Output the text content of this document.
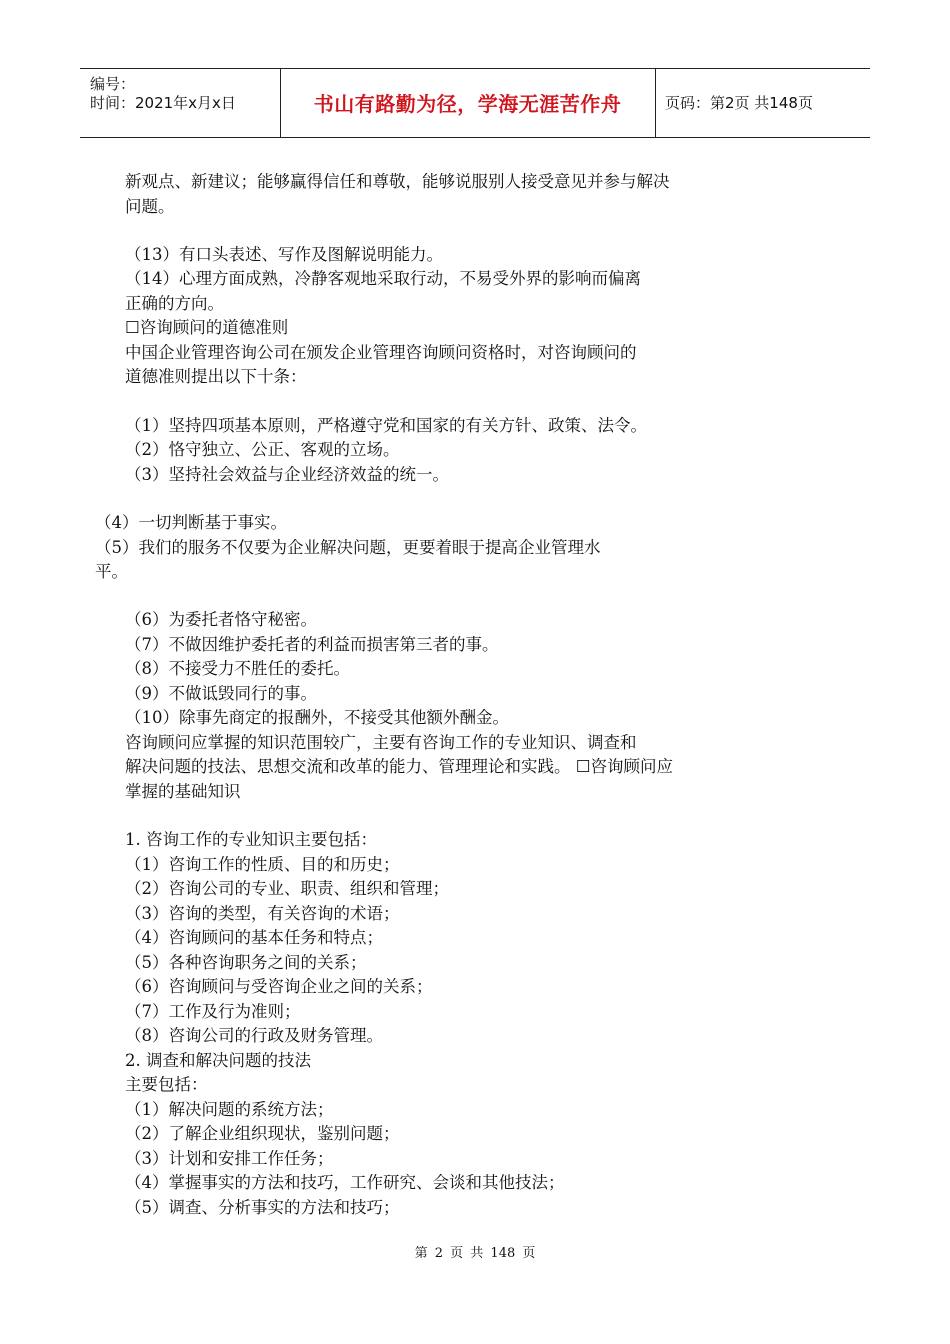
编号：
时间：2021年x月x日	书山有路勤为径，学海无涯苦作舟	页码：第2页 共148页
新观点、新建议；能够赢得信任和尊敬，能够说服别人接受意见并参与解决
问题。
（13）有口头表述、写作及图解说明能力。
（14）心理方面成熟，冷静客观地采取行动，不易受外界的影响而偏离
正确的方向。
☐咨询顾问的道德准则
中国企业管理咨询公司在颁发企业管理咨询顾问资格时，对咨询顾问的
道德准则提出以下十条：
（1）坚持四项基本原则，严格遵守党和国家的有关方针、政策、法令。
（2）恪守独立、公正、客观的立场。
（3）坚持社会效益与企业经济效益的统一。
（4）一切判断基于事实。
（5）我们的服务不仅要为企业解决问题，更要着眼于提高企业管理水
平。
（6）为委托者恪守秘密。
（7）不做因维护委托者的利益而损害第三者的事。
（8）不接受力不胜任的委托。
（9）不做诋毁同行的事。
（10）除事先商定的报酬外，不接受其他额外酬金。
咨询顾问应掌握的知识范围较广，主要有咨询工作的专业知识、调查和
解决问题的技法、思想交流和改革的能力、管理理论和实践。 ☐咨询顾问应
掌握的基础知识
1. 咨询工作的专业知识主要包括：
（1）咨询工作的性质、目的和历史；
（2）咨询公司的专业、职责、组织和管理；
（3）咨询的类型，有关咨询的术语；
（4）咨询顾问的基本任务和特点；
（5）各种咨询职务之间的关系；
（6）咨询顾问与受咨询企业之间的关系；
（7）工作及行为准则；
（8）咨询公司的行政及财务管理。
2. 调查和解决问题的技法
主要包括：
（1）解决问题的系统方法；
（2）了解企业组织现状，鉴别问题；
（3）计划和安排工作任务；
（4）掌握事实的方法和技巧，工作研究、会谈和其他技法；
（5）调查、分析事实的方法和技巧；
第 2 页 共 148 页
